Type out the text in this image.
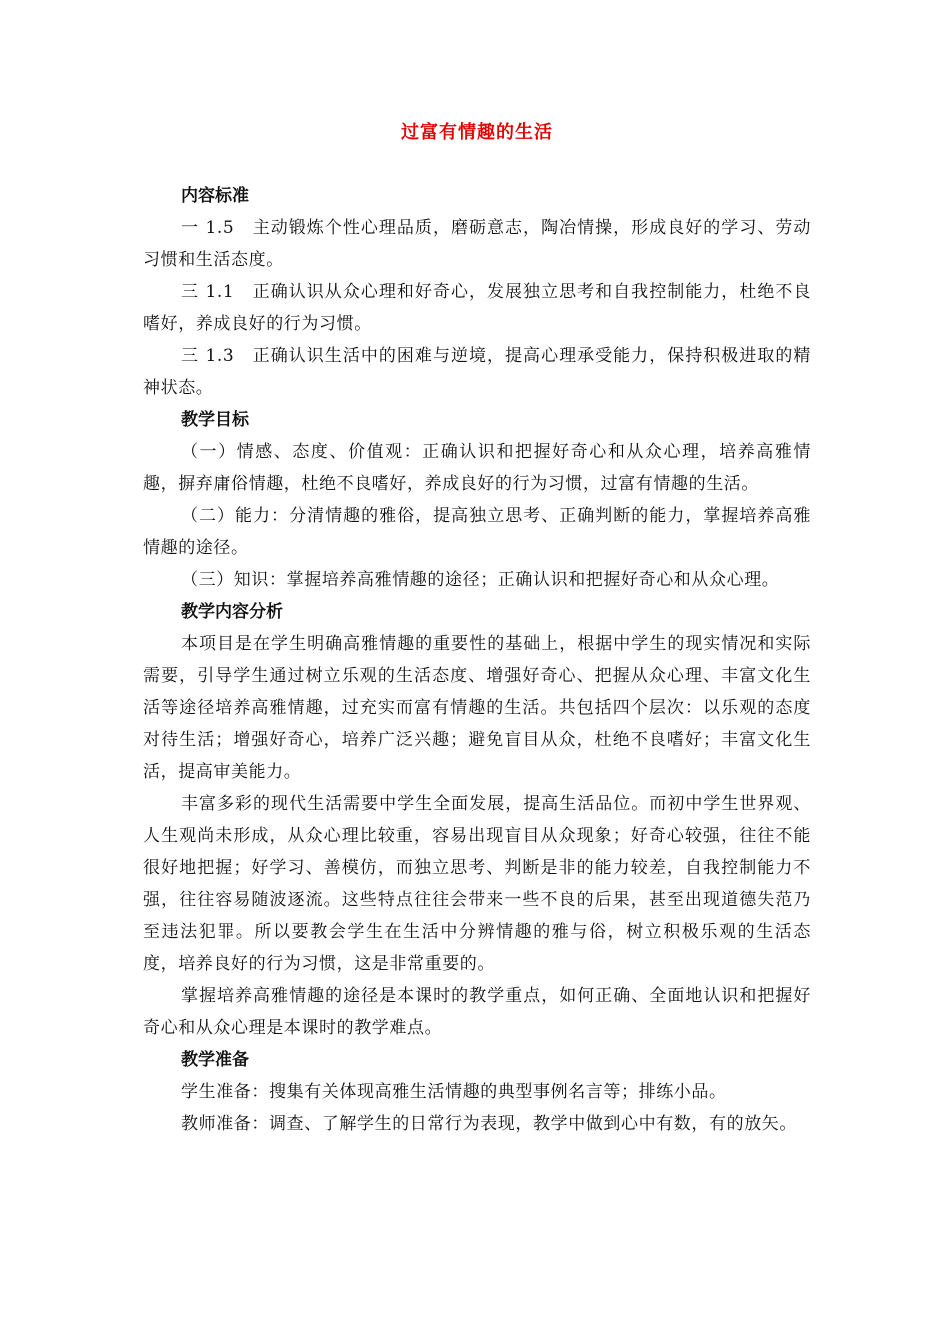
过富有情趣的生活
内容标准

一 1.5 主动锻炼个性心理品质，磨砺意志，陶冶情操，形成良好的学习、劳动习惯和生活态度。

三 1.1 正确认识从众心理和好奇心，发展独立思考和自我控制能力，杜绝不良嗜好，养成良好的行为习惯。

三 1.3 正确认识生活中的困难与逆境，提高心理承受能力，保持积极进取的精神状态。

教学目标

（一）情感、态度、价值观：正确认识和把握好奇心和从众心理，培养高雅情趣，摒弃庸俗情趣，杜绝不良嗜好，养成良好的行为习惯，过富有情趣的生活。

（二）能力：分清情趣的雅俗，提高独立思考、正确判断的能力，掌握培养高雅情趣的途径。

（三）知识：掌握培养高雅情趣的途径；正确认识和把握好奇心和从众心理。

教学内容分析

本项目是在学生明确高雅情趣的重要性的基础上，根据中学生的现实情况和实际需要，引导学生通过树立乐观的生活态度、增强好奇心、把握从众心理、丰富文化生活等途径培养高雅情趣，过充实而富有情趣的生活。共包括四个层次：以乐观的态度对待生活；增强好奇心，培养广泛兴趣；避免盲目从众，杜绝不良嗜好；丰富文化生活，提高审美能力。

丰富多彩的现代生活需要中学生全面发展，提高生活品位。而初中学生世界观、人生观尚未形成，从众心理比较重，容易出现盲目从众现象；好奇心较强，往往不能很好地把握；好学习、善模仿，而独立思考、判断是非的能力较差，自我控制能力不强，往往容易随波逐流。这些特点往往会带来一些不良的后果，甚至出现道德失范乃至违法犯罪。所以要教会学生在生活中分辨情趣的雅与俗，树立积极乐观的生活态度，培养良好的行为习惯，这是非常重要的。

掌握培养高雅情趣的途径是本课时的教学重点，如何正确、全面地认识和把握好奇心和从众心理是本课时的教学难点。

教学准备

学生准备：搜集有关体现高雅生活情趣的典型事例名言等；排练小品。

教师准备：调查、了解学生的日常行为表现，教学中做到心中有数，有的放矢。
